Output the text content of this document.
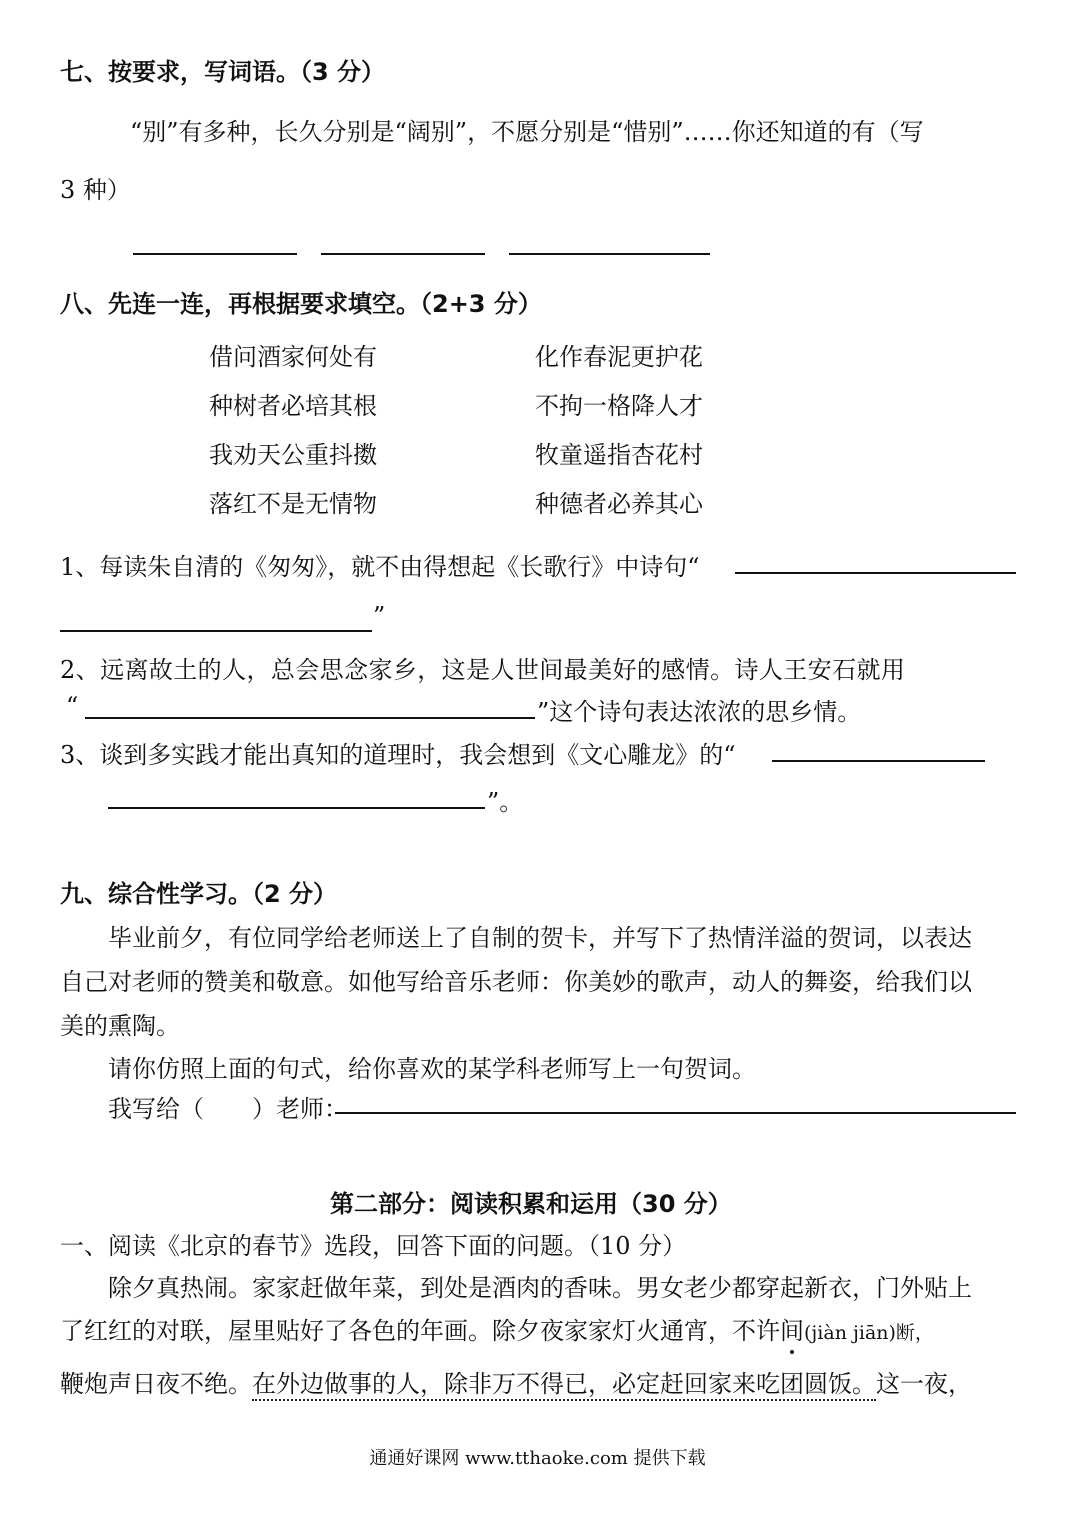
七、按要求，写词语。（3 分）
“别”有多种，长久分别是“阔别”，不愿分别是“惜别”……你还知道的有（写
3 种）
八、先连一连，再根据要求填空。（2+3 分）
借问酒家何处有
种树者必培其根
我劝天公重抖擞
落红不是无情物
化作春泥更护花
不拘一格降人才
牧童遥指杏花村
种德者必养其心
1、每读朱自清的《匆匆》，就不由得想起《长歌行》中诗句“
”
2、远离故土的人，总会思念家乡，这是人世间最美好的感情。诗人王安石就用
“	”这个诗句表达浓浓的思乡情。
3、谈到多实践才能出真知的道理时，我会想到《文心雕龙》的“
”。
九、综合性学习。（2 分）
毕业前夕，有位同学给老师送上了自制的贺卡，并写下了热情洋溢的贺词，以表达
自己对老师的赞美和敬意。如他写给音乐老师：你美妙的歌声，动人的舞姿，给我们以
美的熏陶。
请你仿照上面的句式，给你喜欢的某学科老师写上一句贺词。
我写给（　　）老师：
第二部分：阅读积累和运用（30 分）
一、阅读《北京的春节》选段，回答下面的问题。（10 分）
除夕真热闹。家家赶做年菜，到处是酒肉的香味。男女老少都穿起新衣，门外贴上
了红红的对联，屋里贴好了各色的年画。除夕夜家家灯火通宵，不许间(jiàn jiān)断，
鞭炮声日夜不绝。在外边做事的人，除非万不得已，必定赶回家来吃团圆饭。这一夜，
通通好课网 www.tthaoke.com 提供下载
